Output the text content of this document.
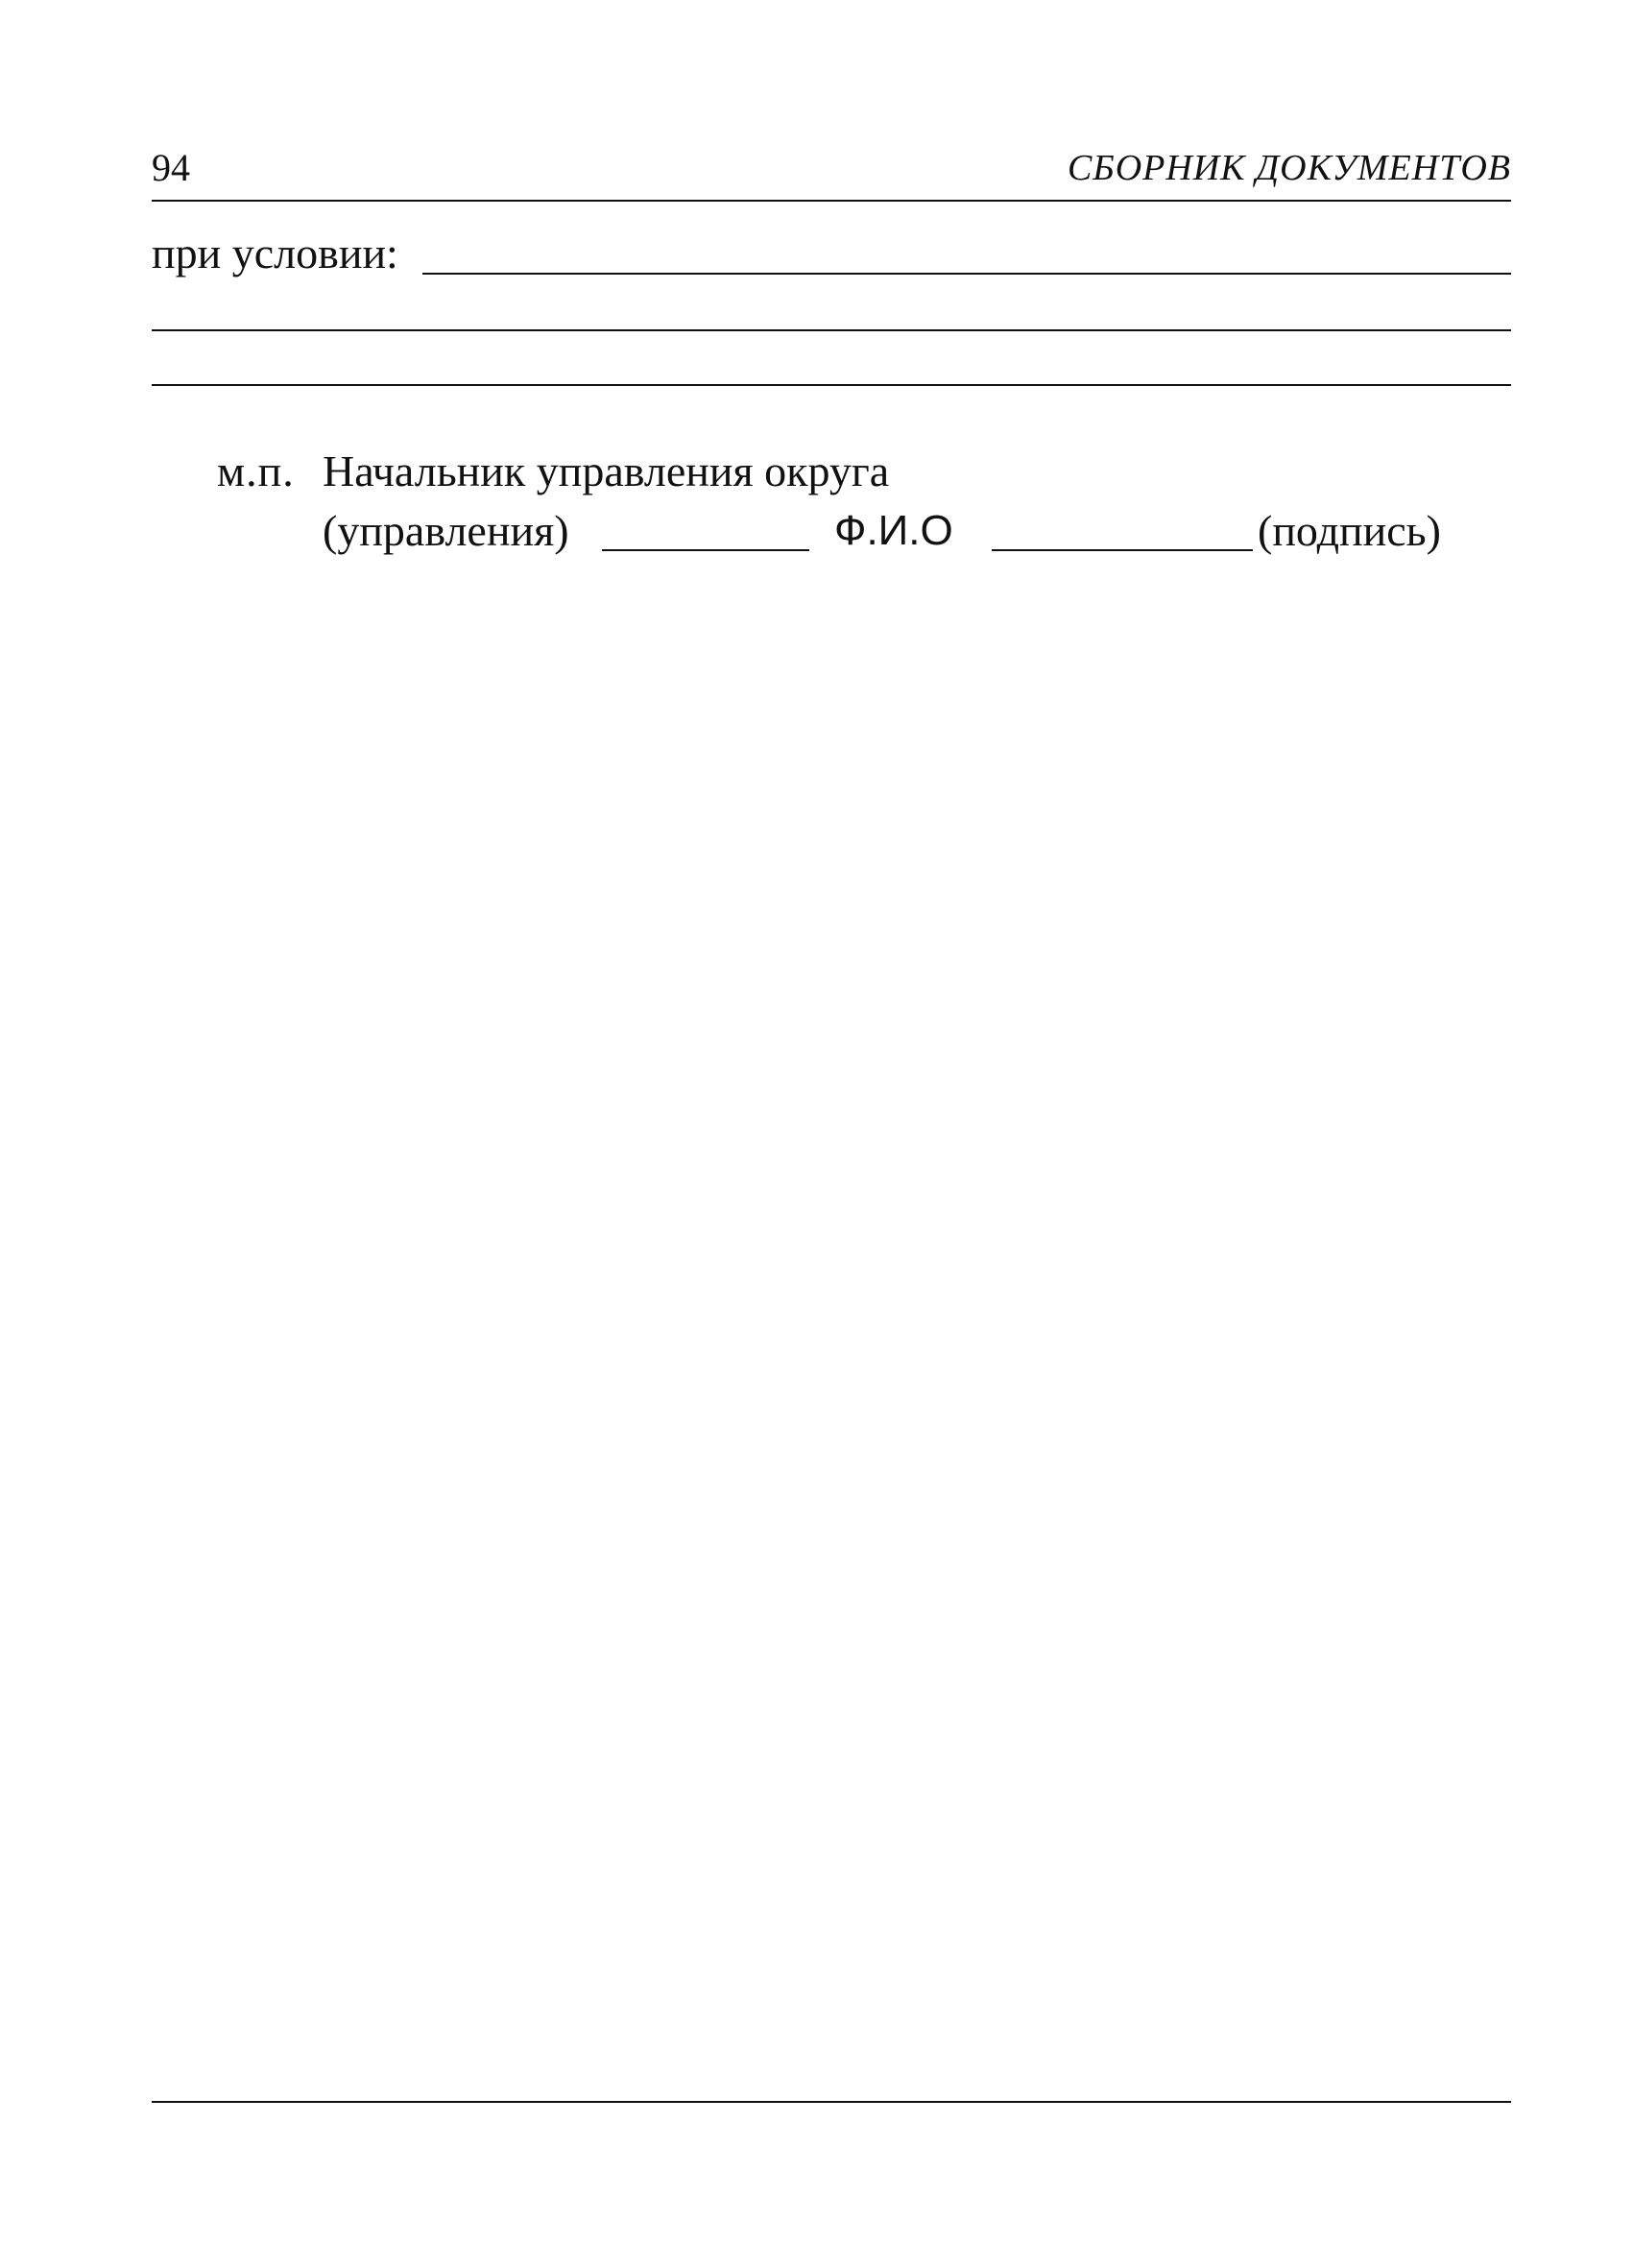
94	СБОРНИК ДОКУМЕНТОВ
при условии:
м.п. Начальник управления округа
(управления)	Ф.И.О	(подпись)
